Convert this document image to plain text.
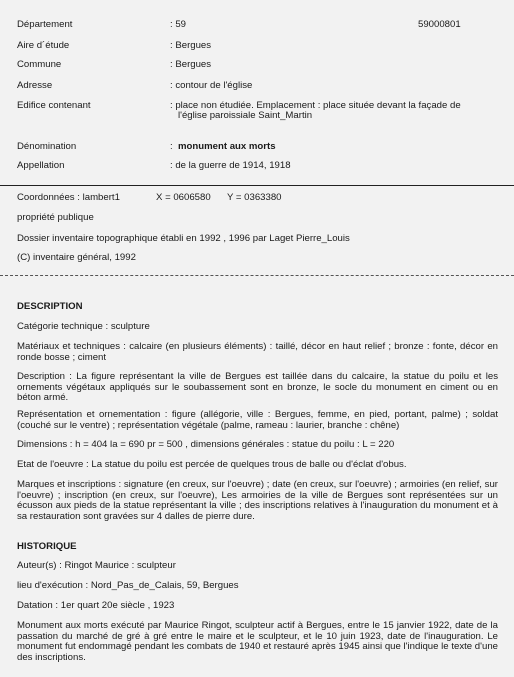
Département	: 59	59000801
Aire d´étude	: Bergues
Commune	: Bergues
Adresse	: contour de l'église
Edifice contenant	: place non étudiée. Emplacement : place située devant la façade de
l'église paroissiale Saint_Martin
Dénomination	: monument aux morts
Appellation	: de la guerre de 1914, 1918
Coordonnées : lambert1	X = 0606580 Y = 0363380
propriété publique
Dossier inventaire topographique établi en 1992 , 1996 par Laget Pierre_Louis
(C) inventaire général, 1992
DESCRIPTION
Catégorie technique : sculpture
Matériaux et techniques : calcaire (en plusieurs éléments) : taillé, décor en haut relief ; bronze : fonte, décor en ronde bosse ; ciment
Description : La figure représentant la ville de Bergues est taillée dans du calcaire, la statue du poilu et les ornements végétaux appliqués sur le soubassement sont en bronze, le socle du monument en ciment ou en béton armé.
Représentation et ornementation : figure (allégorie, ville : Bergues, femme, en pied, portant, palme) ; soldat (couché sur le ventre) ; représentation végétale (palme, rameau : laurier, branche : chêne)
Dimensions : h = 404 la = 690 pr = 500 , dimensions générales : statue du poilu : L = 220
Etat de l'oeuvre : La statue du poilu est percée de quelques trous de balle ou d'éclat d'obus.
Marques et inscriptions : signature (en creux, sur l'oeuvre) ; date (en creux, sur l'oeuvre) ; armoiries (en relief, sur l'oeuvre) ; inscription (en creux, sur l'oeuvre), Les armoiries de la ville de Bergues sont représentées sur un écusson aux pieds de la statue représentant la ville ; des inscriptions relatives à l'inauguration du monument et à sa restauration sont gravées sur 4 dalles de pierre dure.
HISTORIQUE
Auteur(s) : Ringot Maurice : sculpteur
lieu d'exécution : Nord_Pas_de_Calais, 59, Bergues
Datation : 1er quart 20e siècle , 1923
Monument aux morts exécuté par Maurice Ringot, sculpteur actif à Bergues, entre le 15 janvier 1922, date de la passation du marché de gré à gré entre le maire et le sculpteur, et le 10 juin 1923, date de l'inauguration. Le monument fut endommagé pendant les combats de 1940 et restauré après 1945 ainsi que l'indique le texte d'une des inscriptions.
